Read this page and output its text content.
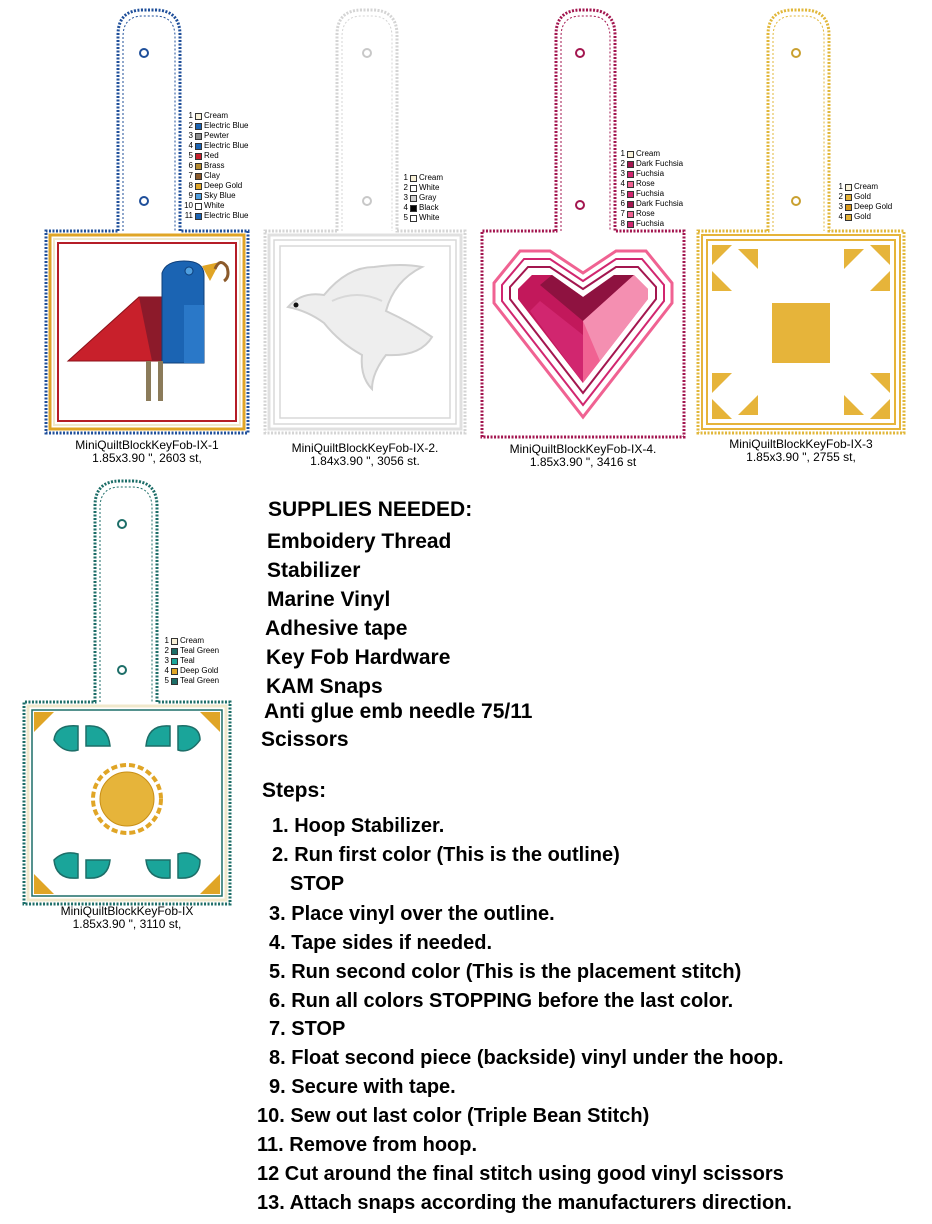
1 Cream
2 Electric Blue
3 Pewter
4 Electric Blue
5 Red
6 Brass
7 Clay
8 Deep Gold
9 Sky Blue
10 White
11 Electric Blue
MiniQuiltBlockKeyFob-IX-1
1.85x3.90 ", 2603 st,
1 Cream
2 White
3 Gray
4 Black
5 White
MiniQuiltBlockKeyFob-IX-2.
1.84x3.90 ", 3056 st.
1 Cream
2 Dark Fuchsia
3 Fuchsia
4 Rose
5 Fuchsia
6 Dark Fuchsia
7 Rose
8 Fuchsia
MiniQuiltBlockKeyFob-IX-4.
1.85x3.90 ", 3416 st
1 Cream
2 Gold
3 Deep Gold
4 Gold
MiniQuiltBlockKeyFob-IX-3
1.85x3.90 ", 2755 st,
1 Cream
2 Teal Green
3 Teal
4 Deep Gold
5 Teal Green
MiniQuiltBlockKeyFob-IX
1.85x3.90 ", 3110 st,
SUPPLIES NEEDED:
Emboidery Thread
Stabilizer
Marine Vinyl
Adhesive tape
Key Fob Hardware
KAM Snaps
Anti glue emb needle 75/11
Scissors
Steps:
1. Hoop Stabilizer.
2. Run first color (This is the outline)
STOP
3. Place vinyl over the outline.
4. Tape sides if needed.
5. Run second color (This is the placement stitch)
6. Run all colors STOPPING before the last color.
7. STOP
8. Float second piece (backside) vinyl under the hoop.
9. Secure with tape.
10. Sew out last color (Triple Bean Stitch)
11. Remove from hoop.
12 Cut around the final stitch using good vinyl scissors
13. Attach snaps according the manufacturers direction.
